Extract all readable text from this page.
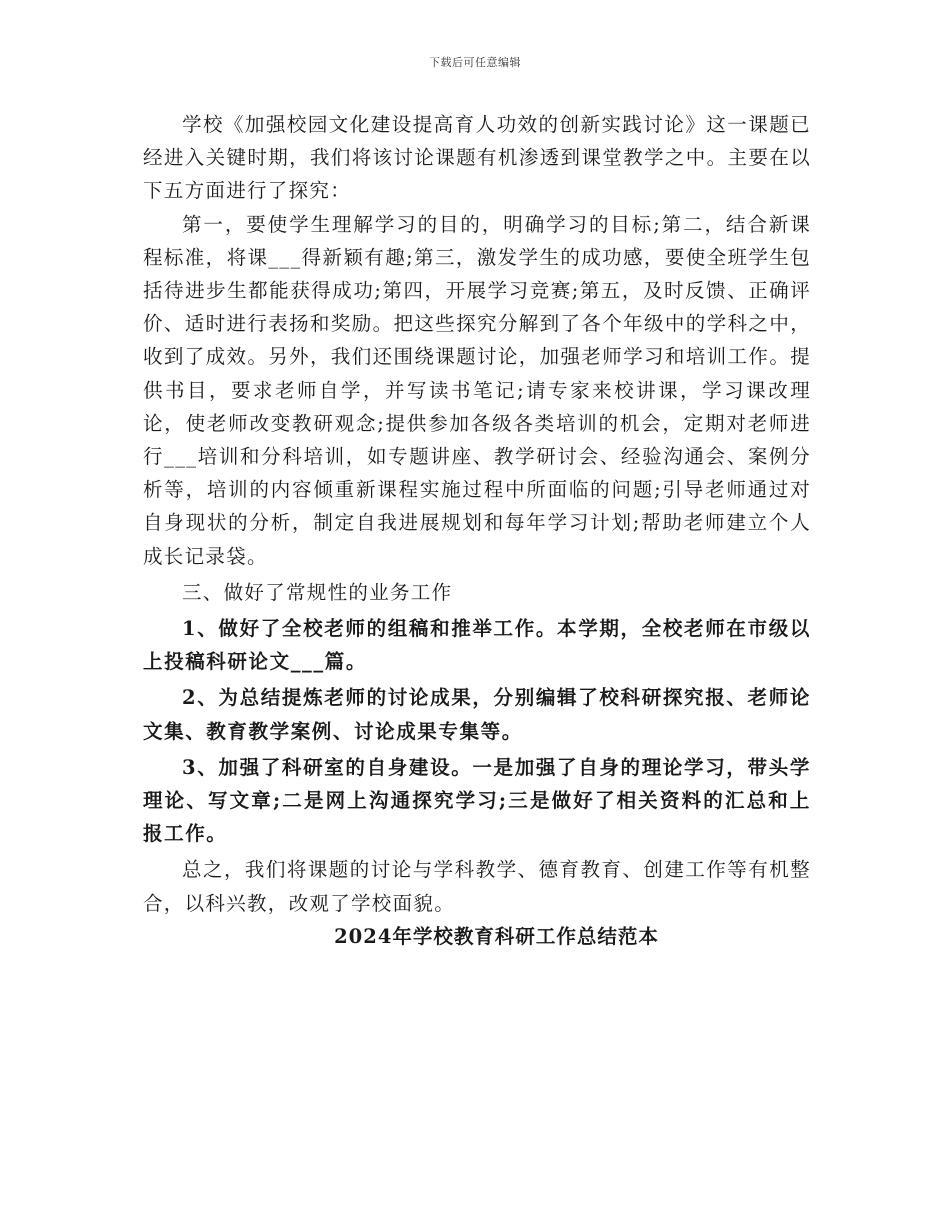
下载后可任意编辑

学校《加强校园文化建设提高育人功效的创新实践讨论》这一课题已经进入关键时期，我们将该讨论课题有机渗透到课堂教学之中。主要在以下五方面进行了探究：

第一，要使学生理解学习的目的，明确学习的目标;第二，结合新课程标准，将课___得新颖有趣;第三，激发学生的成功感，要使全班学生包括待进步生都能获得成功;第四，开展学习竞赛;第五，及时反馈、正确评价、适时进行表扬和奖励。把这些探究分解到了各个年级中的学科之中，收到了成效。另外，我们还围绕课题讨论，加强老师学习和培训工作。提供书目，要求老师自学，并写读书笔记;请专家来校讲课，学习课改理论，使老师改变教研观念;提供参加各级各类培训的机会，定期对老师进行___培训和分科培训，如专题讲座、教学研讨会、经验沟通会、案例分析等，培训的内容倾重新课程实施过程中所面临的问题;引导老师通过对自身现状的分析，制定自我进展规划和每年学习计划;帮助老师建立个人成长记录袋。

三、做好了常规性的业务工作

1、做好了全校老师的组稿和推举工作。本学期，全校老师在市级以上投稿科研论文___篇。

2、为总结提炼老师的讨论成果，分别编辑了校科研探究报、老师论文集、教育教学案例、讨论成果专集等。

3、加强了科研室的自身建设。一是加强了自身的理论学习，带头学理论、写文章;二是网上沟通探究学习;三是做好了相关资料的汇总和上报工作。

总之，我们将课题的讨论与学科教学、德育教育、创建工作等有机整合，以科兴教，改观了学校面貌。

2024年学校教育科研工作总结范本
